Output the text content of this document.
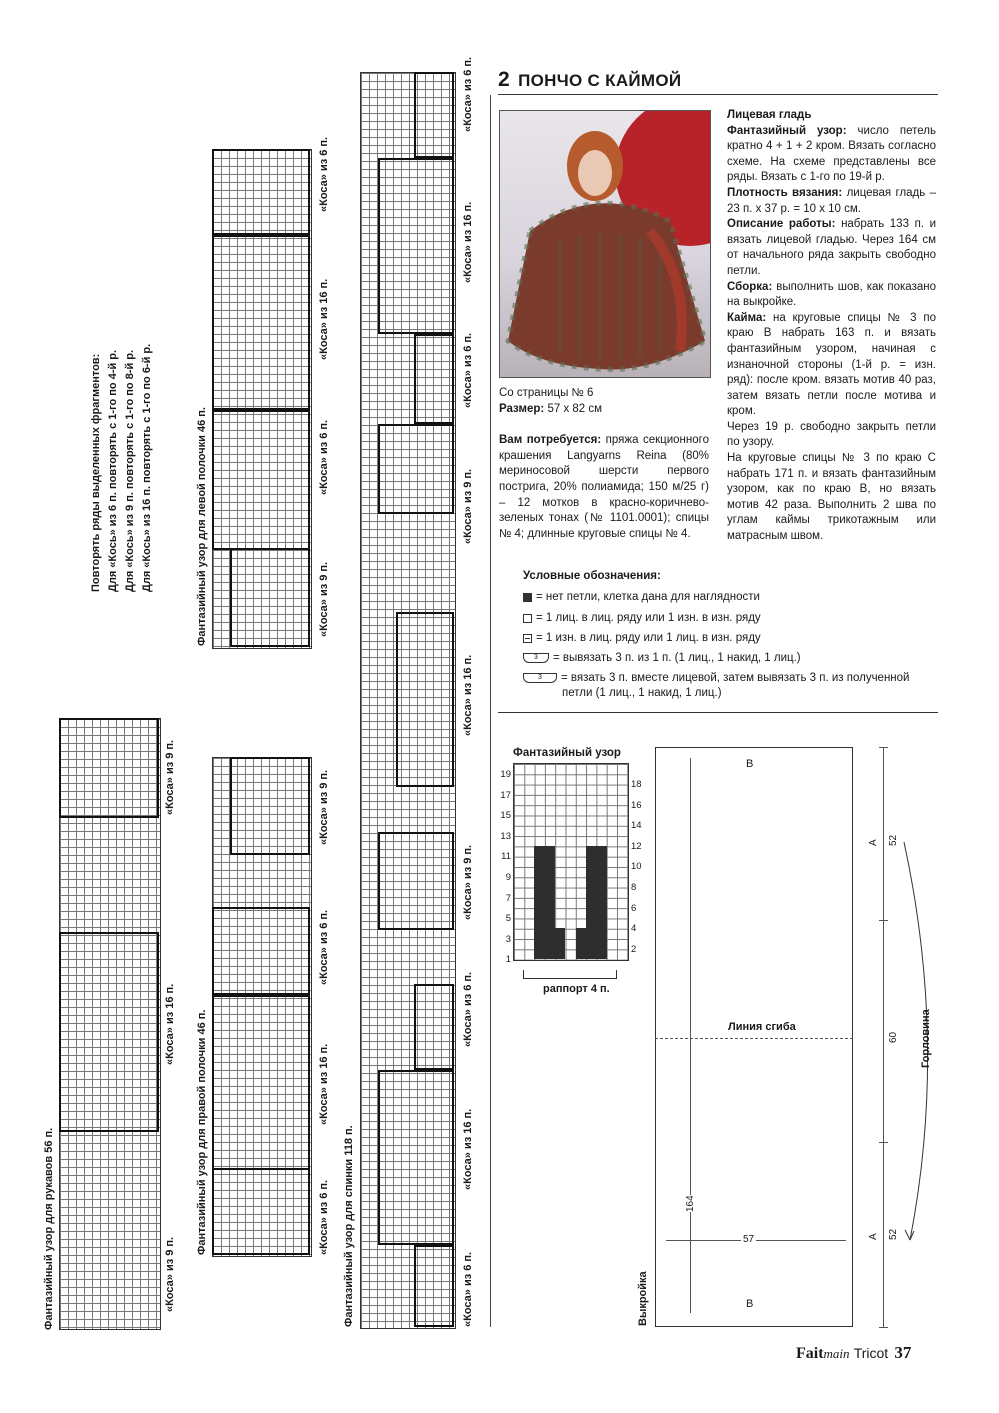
Повторять ряды выделенных фрагментов: Для «Кось» из 6 п. повторять с 1-го по 4-й р. Для «Кось» из 9 п. повторять с 1-го по 8-й р. Для «Кось» из 16 п. повторять с 1-го по 6-й р.
Фантазийный узор для рукавов 56 п.
«Коса» из 9 п.
«Коса» из 16 п.
«Коса» из 9 п.
Фантазийный узор для левой полочки 46 п.
«Коса» из 6 п.
«Коса» из 16 п.
«Коса» из 6 п.
«Коса» из 9 п.
Фантазийный узор для правой полочки 46 п.
«Коса» из 9 п.
«Коса» из 6 п.
«Коса» из 16 п.
«Коса» из 6 п. Фантазийный узор для спинки 118 п.
«Коса» из 6 п.
«Коса» из 16 п.
«Коса» из 6 п.
«Коса» из 9 п.
«Коса» из 16 п.
«Коса» из 9 п.
«Коса» из 6 п.
«Коса» из 16 п.
«Коса» из 6 п.
2 ПОНЧО С КАЙМОЙ

Со страницы № 6

Размер: 57 х 82 см

Вам потребуется: пряжа секционного крашения Langyarns Reina (80% мериносовой шерсти первого пострига, 20% полиамида; 150 м/25 г) – 12 мотков в красно-коричнево-зеленых тонах (№ 1101.0001); спицы № 4; длинные круговые спицы № 4.

Лицевая гладь

Фантазийный узор: число петель кратно 4 + 1 + 2 кром. Вязать согласно схеме. На схеме представлены все ряды. Вязать с 1-го по 19-й р.

Плотность вязания: лицевая гладь – 23 п. х 37 р. = 10 х 10 см.

Описание работы: набрать 133 п. и вязать лицевой гладью. Через 164 см от начального ряда закрыть свободно петли.

Сборка: выполнить шов, как показано на выкройке.

Кайма: на круговые спицы № 3 по краю В набрать 163 п. и вязать фантазийным узором, начиная с изнаночной стороны (1-й р. = изн. ряд): после кром. вязать мотив 40 раз, затем вязать петли после мотива и кром.

Через 19 р. свободно закрыть петли по узору.

На круговые спицы № 3 по краю С набрать 171 п. и вязать фантазийным узором, как по краю В, но вязать мотив 42 раза. Выполнить 2 шва по углам каймы трикотажным или матрасным швом.

Условные обозначения:
= нет петли, клетка дана для наглядности
= 1 лиц. в лиц. ряду или 1 изн. в изн. ряду
= 1 изн. в лиц. ряду или 1 лиц. в изн. ряду
3	= вывязать 3 п. из 1 п. (1 лиц., 1 накид, 1 лиц.)
3	= вязать 3 п. вместе лицевой, затем вывязать 3 п. из полученной
петли (1 лиц., 1 накид, 1 лиц.)
Фантазийный узор
19
17
15
13
11
9
7
5
3
1
18
16
14
12
10
8
6
4
2
раппорт 4 п.
Линия сгиба
В
В
57
164
А 52
60
А 52
Горловина
Выкройка
Faitmain Tricot 37
